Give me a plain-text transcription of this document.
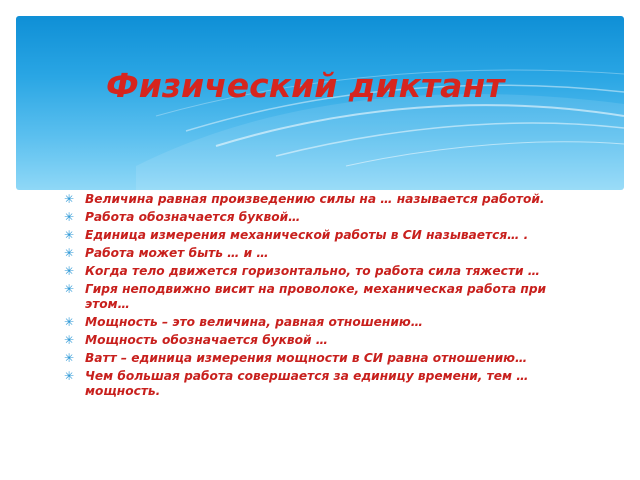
Физический диктант
✳ Величина равная произведению силы на … называется работой.
✳ Работа обозначается буквой…
✳ Единица измерения механической работы в СИ называется… .
✳ Работа может быть … и …
✳ Когда тело движется горизонтально, то работа сила тяжести …
✳ Гиря неподвижно висит на проволоке, механическая работа при этом…
✳ Мощность – это величина, равная отношению…
✳ Мощность обозначается буквой …
✳ Ватт – единица измерения мощности в СИ равна отношению…
✳ Чем большая работа совершается за единицу времени, тем … мощность.
